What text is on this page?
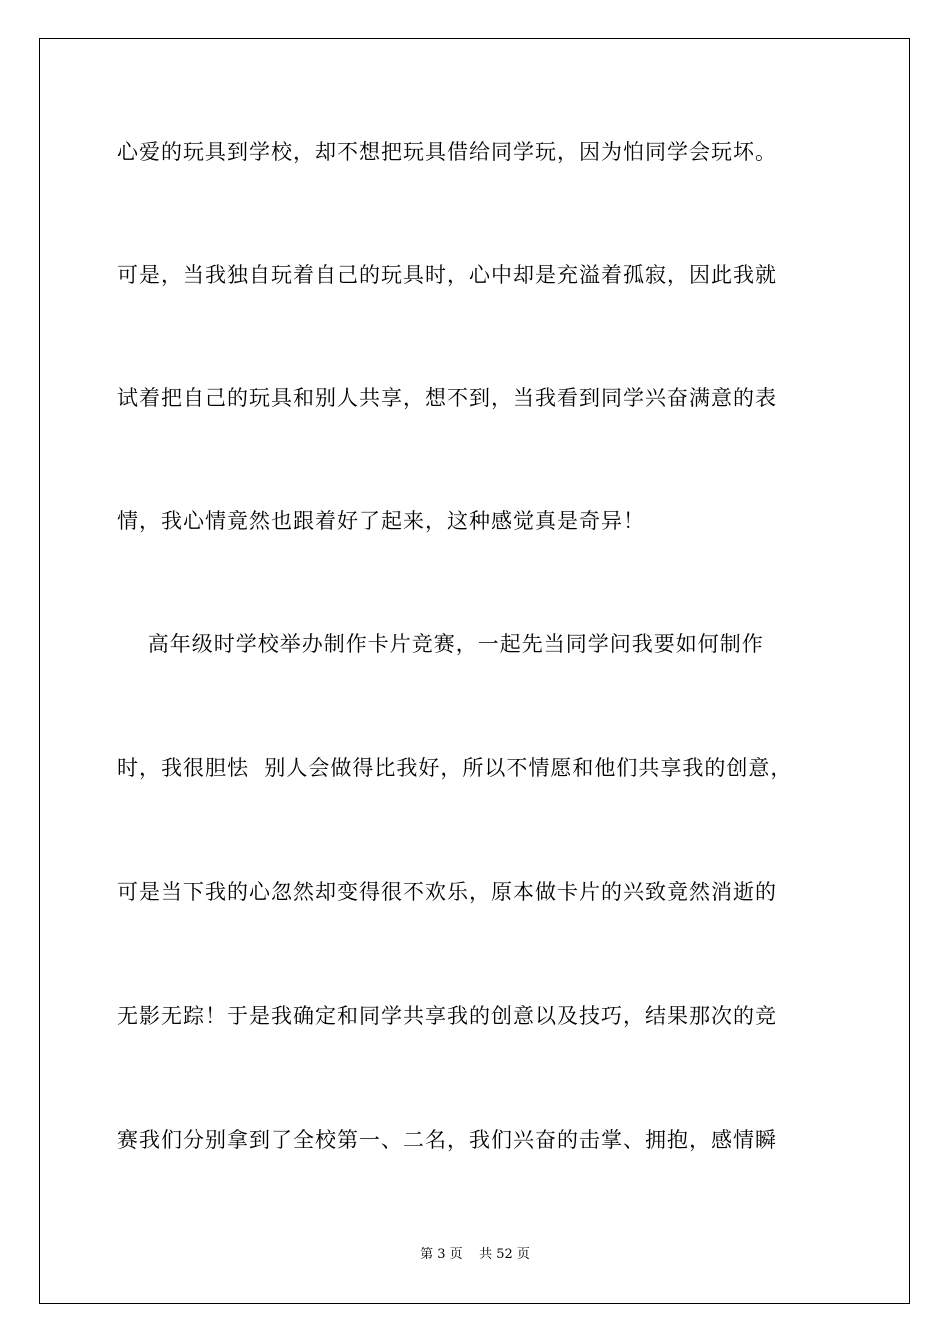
心爱的玩具到学校，却不想把玩具借给同学玩，因为怕同学会玩坏。
可是，当我独自玩着自己的玩具时，心中却是充溢着孤寂，因此我就
试着把自己的玩具和别人共享，想不到，当我看到同学兴奋满意的表
情，我心情竟然也跟着好了起来，这种感觉真是奇异！
高年级时学校举办制作卡片竞赛，一起先当同学问我要如何制作
时，我很胆怯  别人会做得比我好，所以不情愿和他们共享我的创意，
可是当下我的心忽然却变得很不欢乐，原本做卡片的兴致竟然消逝的
无影无踪！于是我确定和同学共享我的创意以及技巧，结果那次的竞
赛我们分别拿到了全校第一、二名，我们兴奋的击掌、拥抱，感情瞬
第 3 页    共 52 页
